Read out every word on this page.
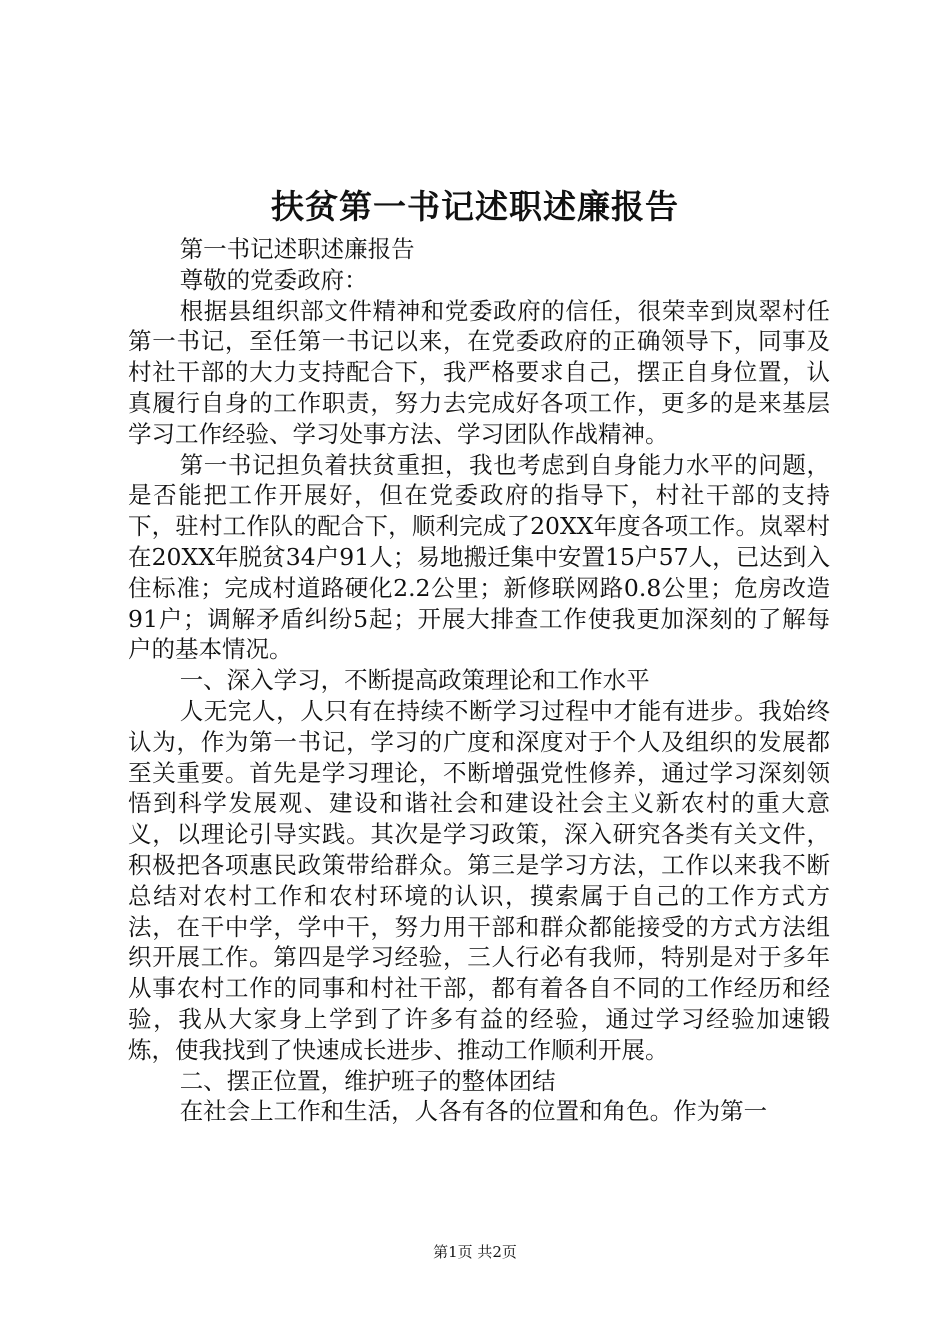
扶贫第一书记述职述廉报告

第一书记述职述廉报告

尊敬的党委政府：

根据县组织部文件精神和党委政府的信任，很荣幸到岚翠村任第一书记，至任第一书记以来，在党委政府的正确领导下，同事及村社干部的大力支持配合下，我严格要求自己，摆正自身位置，认真履行自身的工作职责，努力去完成好各项工作，更多的是来基层学习工作经验、学习处事方法、学习团队作战精神。

第一书记担负着扶贫重担，我也考虑到自身能力水平的问题，是否能把工作开展好，但在党委政府的指导下，村社干部的支持下，驻村工作队的配合下，顺利完成了20XX年度各项工作。岚翠村在20XX年脱贫34户91人；易地搬迁集中安置15户57人，已达到入住标准；完成村道路硬化2.2公里；新修联网路0.8公里；危房改造91户；调解矛盾纠纷5起；开展大排查工作使我更加深刻的了解每户的基本情况。

一、深入学习，不断提高政策理论和工作水平

人无完人，人只有在持续不断学习过程中才能有进步。我始终认为，作为第一书记，学习的广度和深度对于个人及组织的发展都至关重要。首先是学习理论，不断增强党性修养，通过学习深刻领悟到科学发展观、建设和谐社会和建设社会主义新农村的重大意义，以理论引导实践。其次是学习政策，深入研究各类有关文件，积极把各项惠民政策带给群众。第三是学习方法，工作以来我不断总结对农村工作和农村环境的认识，摸索属于自己的工作方式方法，在干中学，学中干，努力用干部和群众都能接受的方式方法组织开展工作。第四是学习经验，三人行必有我师，特别是对于多年从事农村工作的同事和村社干部，都有着各自不同的工作经历和经验，我从大家身上学到了许多有益的经验，通过学习经验加速锻炼，使我找到了快速成长进步、推动工作顺利开展。

二、摆正位置，维护班子的整体团结

在社会上工作和生活，人各有各的位置和角色。作为第一

第1页 共2页
